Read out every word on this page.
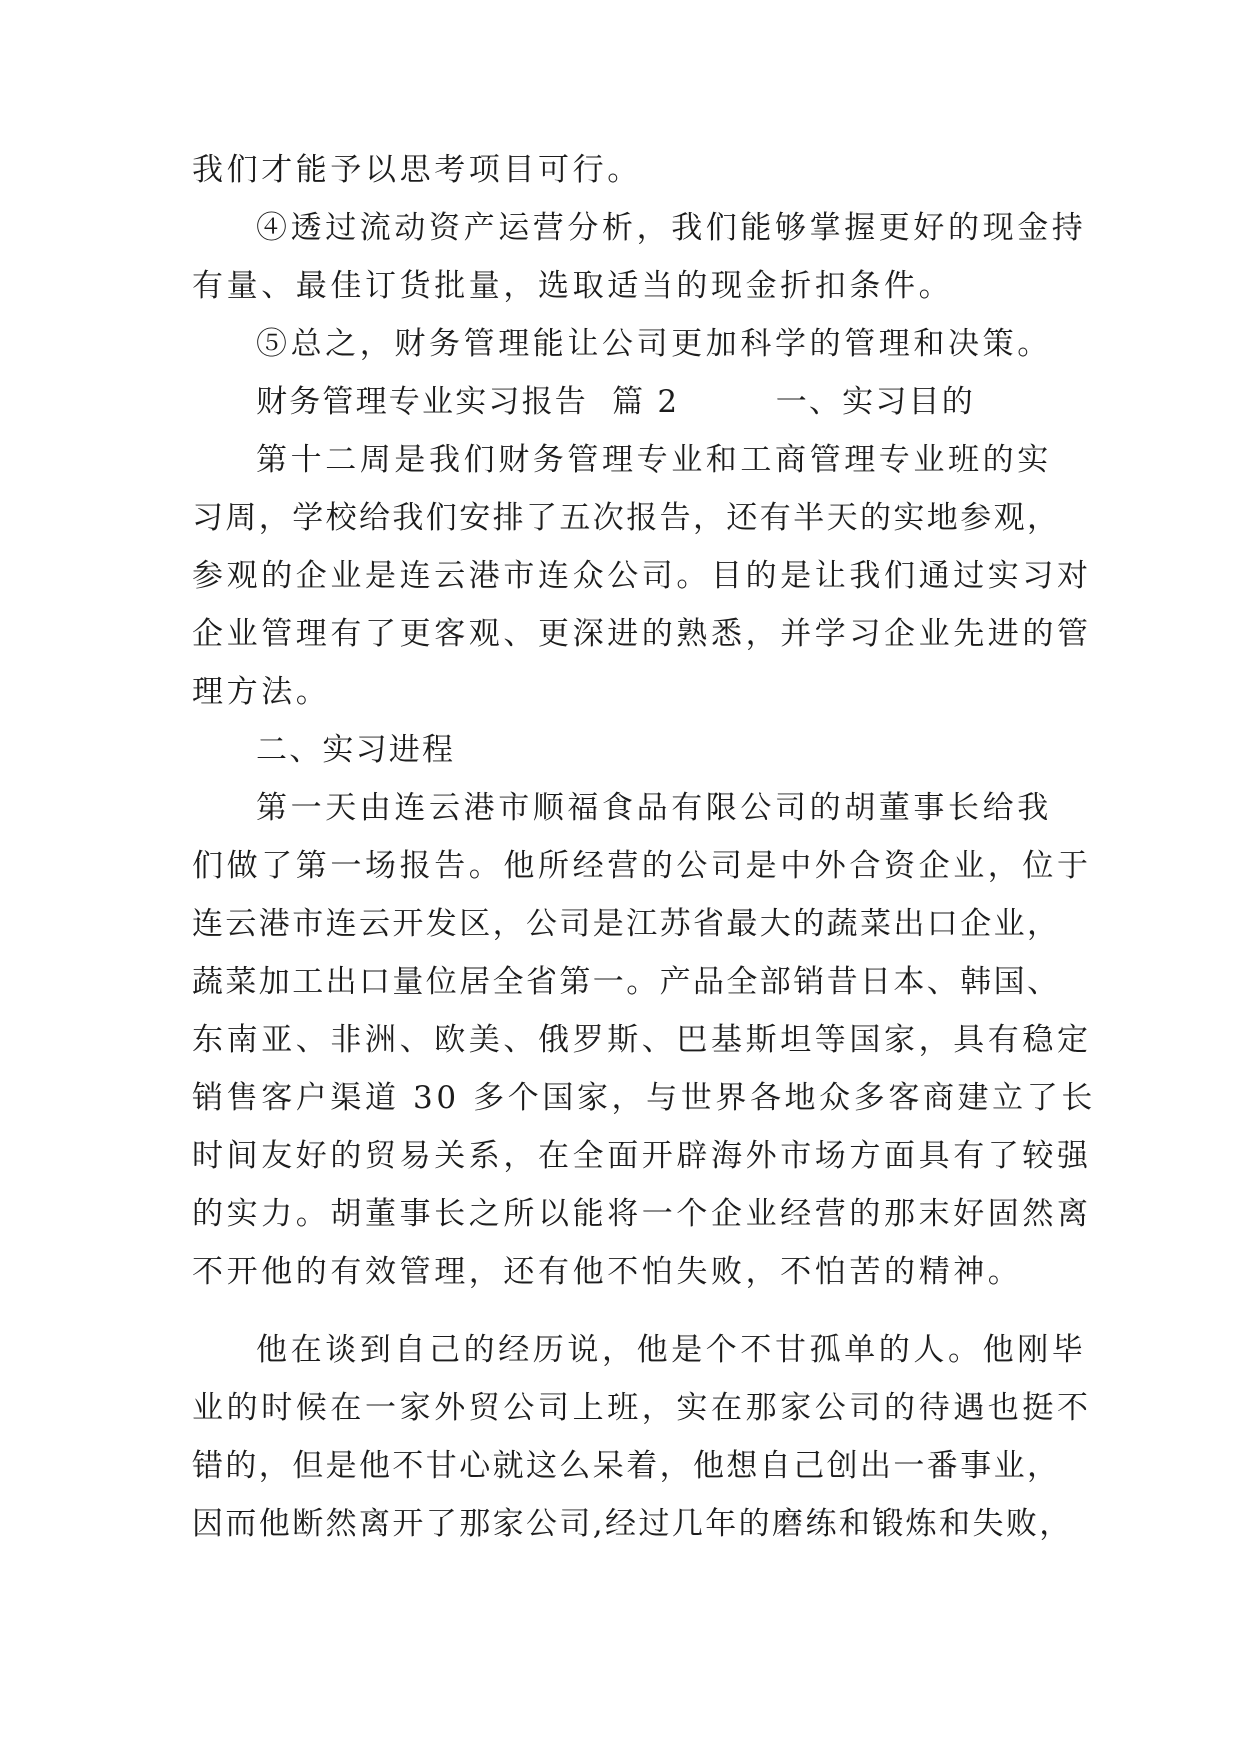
我们才能予以思考项目可行。
④透过流动资产运营分析，我们能够掌握更好的现金持
有量、最佳订货批量，选取适当的现金折扣条件。
⑤总之，财务管理能让公司更加科学的管理和决策。
财务管理专业实习报告  篇 2        一、实习目的
第十二周是我们财务管理专业和工商管理专业班的实
习周，学校给我们安排了五次报告，还有半天的实地参观，
参观的企业是连云港市连众公司。目的是让我们通过实习对
企业管理有了更客观、更深进的熟悉，并学习企业先进的管
理方法。
二、实习进程
第一天由连云港市顺福食品有限公司的胡董事长给我
们做了第一场报告。他所经营的公司是中外合资企业，位于
连云港市连云开发区，公司是江苏省最大的蔬菜出口企业，
蔬菜加工出口量位居全省第一。产品全部销昔日本、韩国、
东南亚、非洲、欧美、俄罗斯、巴基斯坦等国家，具有稳定
销售客户渠道 30 多个国家，与世界各地众多客商建立了长
时间友好的贸易关系，在全面开辟海外市场方面具有了较强
的实力。胡董事长之所以能将一个企业经营的那末好固然离
不开他的有效管理，还有他不怕失败，不怕苦的精神。
他在谈到自己的经历说，他是个不甘孤单的人。他刚毕
业的时候在一家外贸公司上班，实在那家公司的待遇也挺不
错的，但是他不甘心就这么呆着，他想自己创出一番事业，
因而他断然离开了那家公司,经过几年的磨练和锻炼和失败，
